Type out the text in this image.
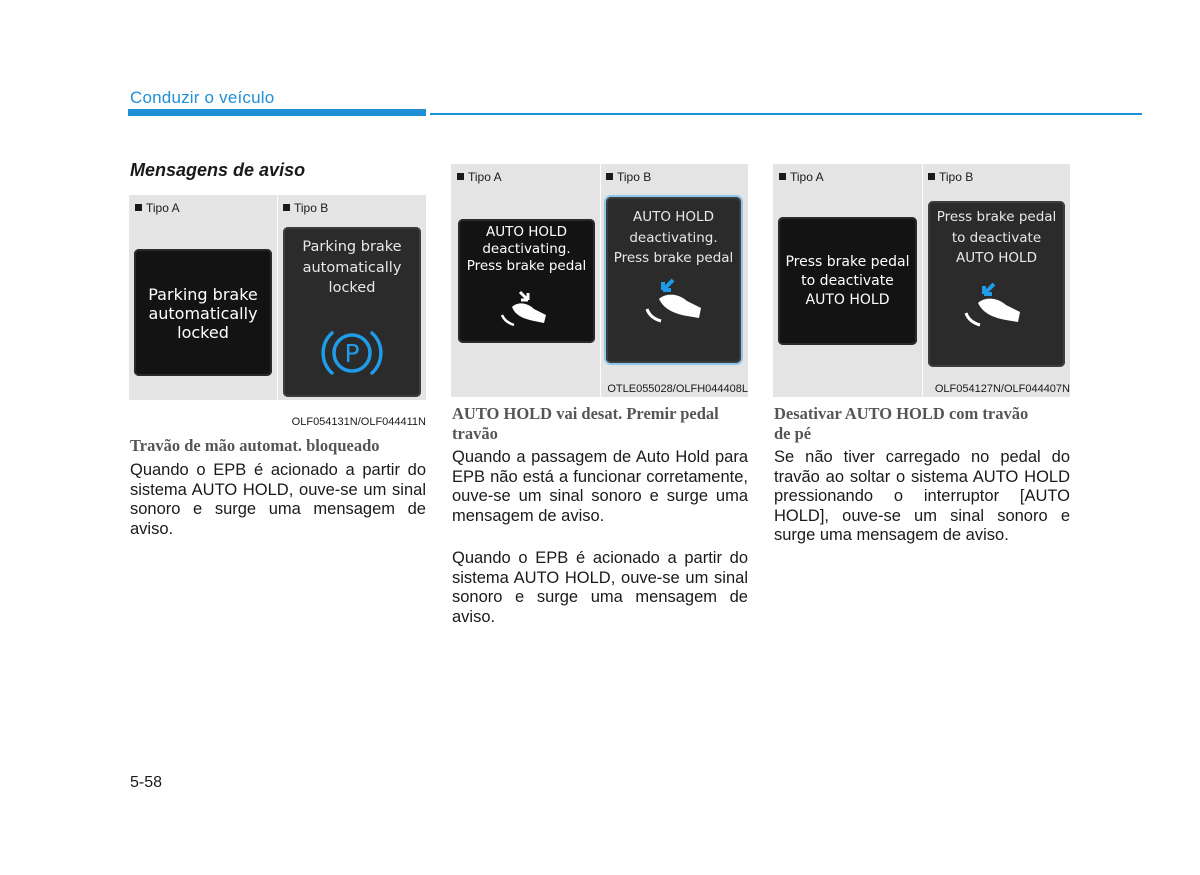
Conduzir o veículo
Mensagens de aviso
Tipo A	Tipo B
Parking brake
automatically
locked
Parking brake
automatically
locked
P
OLF054131N/OLF044411N
Tipo A	Tipo B
AUTO HOLD
deactivating.
Press brake pedal
AUTO HOLD
deactivating.
Press brake pedal
OTLE055028/OLFH044408L
Tipo A	Tipo B
Press brake pedal
to deactivate
AUTO HOLD
Press brake pedal
to deactivate
AUTO HOLD
OLF054127N/OLF044407N
Travão de mão automat. bloqueado
Quando o EPB é acionado a partir do sistema AUTO HOLD, ouve-se um sinal sonoro e surge uma mensagem de aviso.
AUTO HOLD vai desat. Premir pedal travão
Quando a passagem de Auto Hold para EPB não está a funcionar corretamente, ouve-se um sinal sonoro e surge uma mensagem de aviso.
Quando o EPB é acionado a partir do sistema AUTO HOLD, ouve-se um sinal sonoro e surge uma mensagem de aviso.
Desativar AUTO HOLD com travão de pé
Se não tiver carregado no pedal do travão ao soltar o sistema AUTO HOLD pressionando o interruptor [AUTO HOLD], ouve-se um sinal sonoro e surge uma mensagem de aviso.
5-58
